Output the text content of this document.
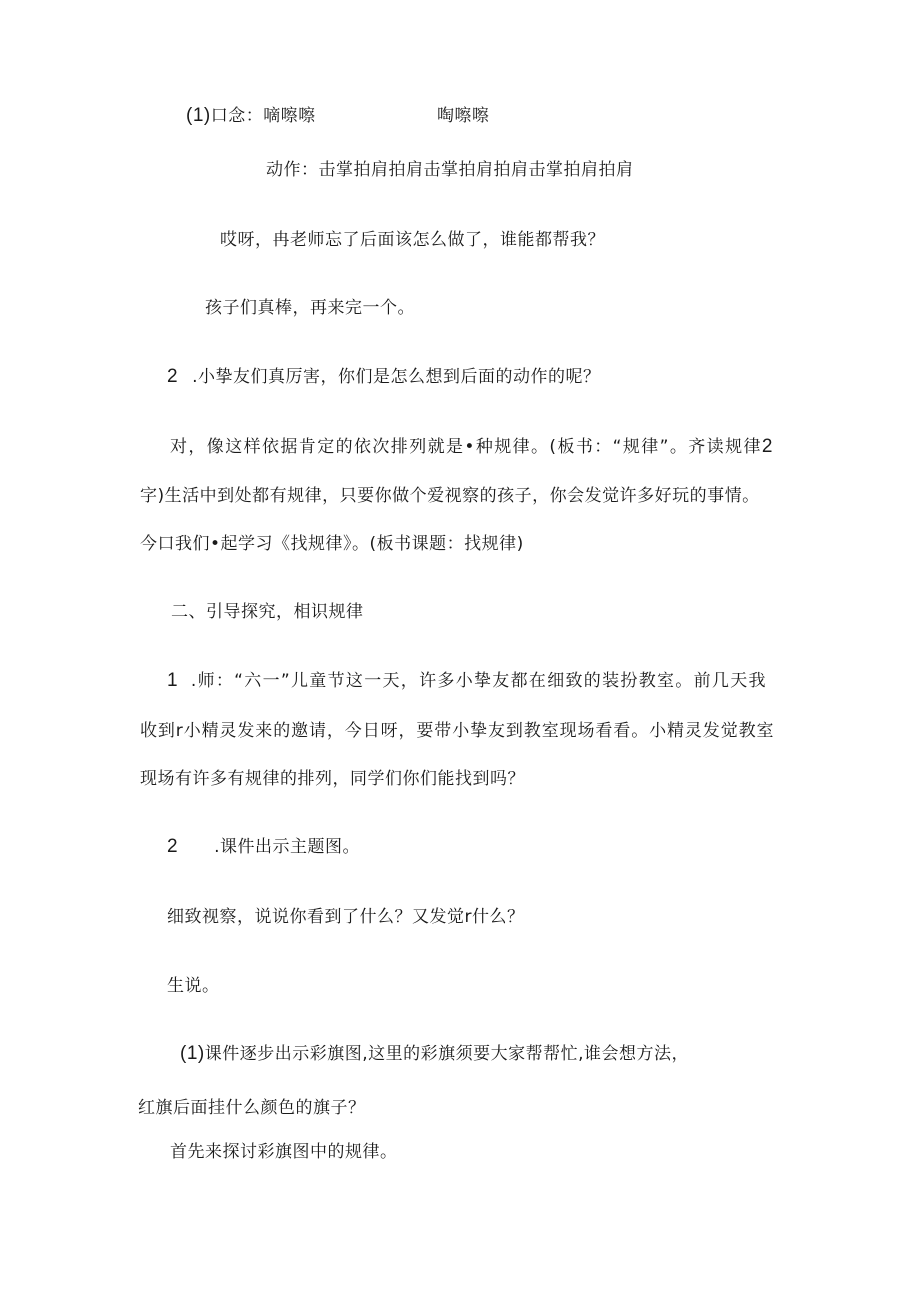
(1)口念：嘀嚓嚓	啕嚓嚓
动作：击掌拍肩拍肩击掌拍肩拍肩击掌拍肩拍肩
哎呀，冉老师忘了后面该怎么做了，谁能都帮我？
孩子们真棒，再来完一个。
2 .小挚友们真厉害，你们是怎么想到后面的动作的呢？
对，像这样依据肯定的依次排列就是•种规律。(板书：“规律”。齐读规律2
字)生活中到处都有规律，只要你做个爱视察的孩子，你会发觉许多好玩的事情。
今口我们•起学习《找规律》。(板书课题：找规律)
二、引导探究，相识规律
1 .师：“六一”儿童节这一天，许多小挚友都在细致的装扮教室。前几天我
收到r小精灵发来的邀请，今日呀，要带小挚友到教室现场看看。小精灵发觉教室
现场有许多有规律的排列，同学们你们能找到吗？
2 .课件出示主题图。
细致视察，说说你看到了什么？又发觉r什么？
生说。
(1)课件逐步出示彩旗图,这里的彩旗须要大家帮帮忙,谁会想方法，
红旗后面挂什么颜色的旗子？
首先来探讨彩旗图中的规律。
